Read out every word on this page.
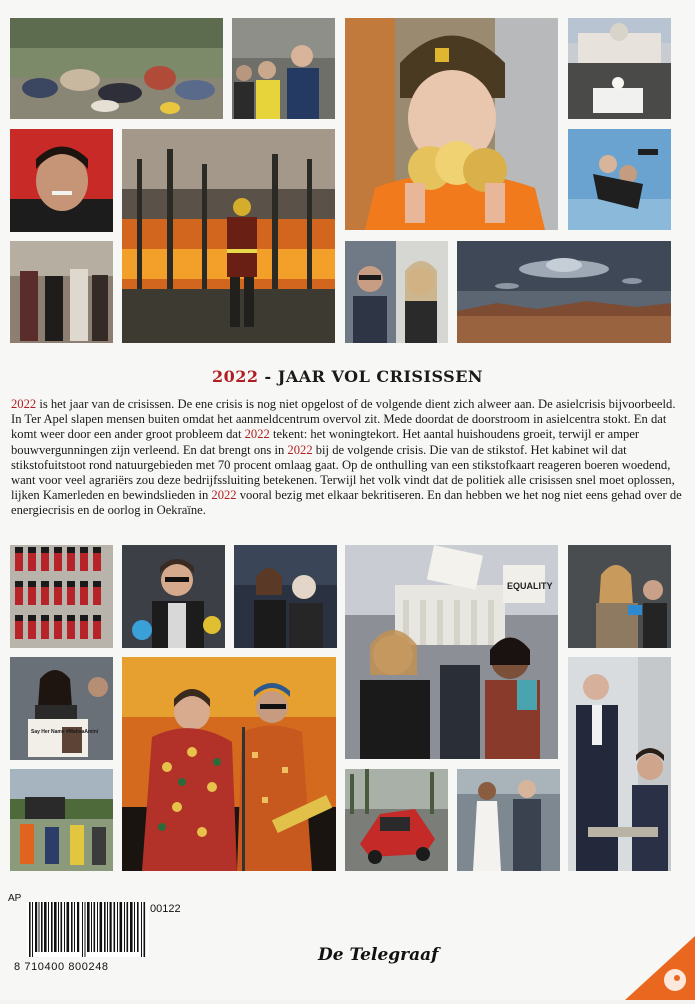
2022 - JAAR VOL CRISISSEN

2022 is het jaar van de crisissen. De ene crisis is nog niet opgelost of de volgende dient zich alweer aan. De asielcrisis bijvoorbeeld. In Ter Apel slapen mensen buiten omdat het aanmeldcentrum overvol zit. Mede doordat de doorstroom in asielcentra stokt. En dat komt weer door een ander groot probleem dat 2022 tekent: het woningtekort. Het aantal huishoudens groeit, terwijl er amper bouwvergunningen zijn verleend. En dat brengt ons in 2022 bij de volgende crisis. Die van de stikstof. Het kabinet wil dat stikstofuitstoot rond natuurgebieden met 70 procent omlaag gaat. Op de onthulling van een stikstofkaart reageren boeren woedend, want voor veel agrariërs zou deze bedrijfssluiting betekenen. Terwijl het volk vindt dat de politiek alle crisissen snel moet oplossen, lijken Kamerleden en bewindslieden in 2022 vooral bezig met elkaar bekritiseren. En dan hebben we het nog niet eens gehad over de energiecrisis en de oorlog in Oekraïne.

EQUALITY
Say Her Name #MahsaAmini
AP
00122
8 710400 800248
De Telegraaf
